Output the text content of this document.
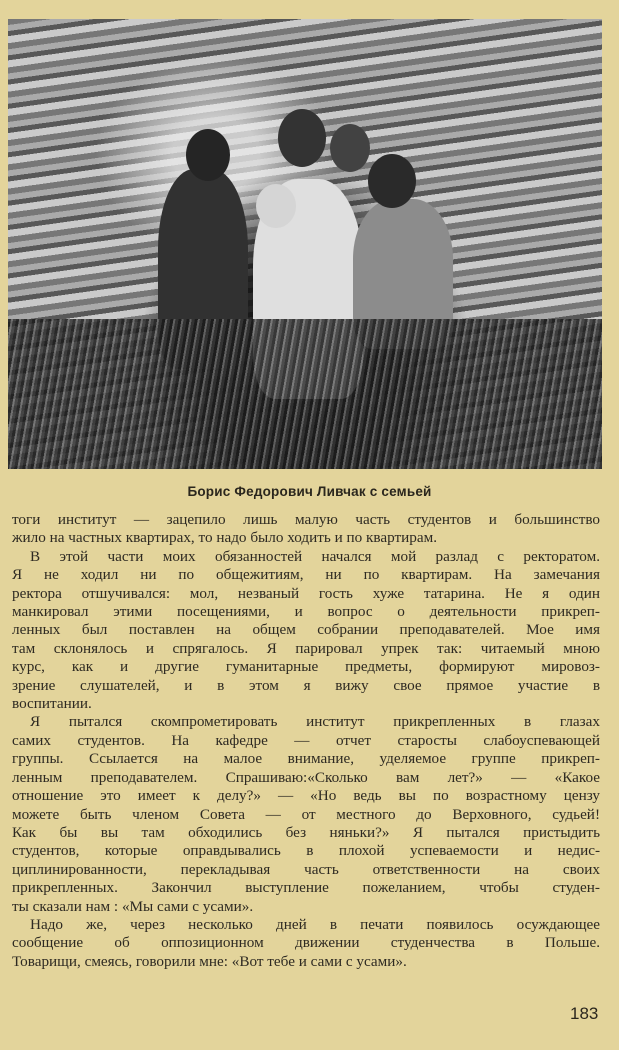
Борис Федорович Ливчак с семьей
тоги институт — зацепило лишь малую часть студентов и большинство
жило на частных квартирах, то надо было ходить и по квартирам.
В этой части моих обязанностей начался мой разлад с ректоратом.
Я не ходил ни по общежитиям, ни по квартирам. На замечания
ректора отшучивался: мол, незваный гость хуже татарина. Не я один
манкировал этими посещениями, и вопрос о деятельности прикреп-
ленных был поставлен на общем собрании преподавателей. Мое имя
там склонялось и спрягалось. Я парировал упрек так: читаемый мною
курс, как и другие гуманитарные предметы, формируют мировоз-
зрение слушателей, и в этом я вижу свое прямое участие в
воспитании.
Я пытался скомпрометировать институт прикрепленных в глазах
самих студентов. На кафедре — отчет старосты слабоуспевающей
группы. Ссылается на малое внимание, уделяемое группе прикреп-
ленным преподавателем. Спрашиваю:«Сколько вам лет?» — «Какое
отношение это имеет к делу?» — «Но ведь вы по возрастному цензу
можете быть членом Совета — от местного до Верховного, судьей!
Как бы вы там обходились без няньки?» Я пытался пристыдить
студентов, которые оправдывались в плохой успеваемости и недис-
циплинированности, перекладывая часть ответственности на своих
прикрепленных. Закончил выступление пожеланием, чтобы студен-
ты сказали нам : «Мы сами с усами».
Надо же, через несколько дней в печати появилось осуждающее
сообщение об оппозиционном движении студенчества в Польше.
Товарищи, смеясь, говорили мне: «Вот тебе и сами с усами».
183
